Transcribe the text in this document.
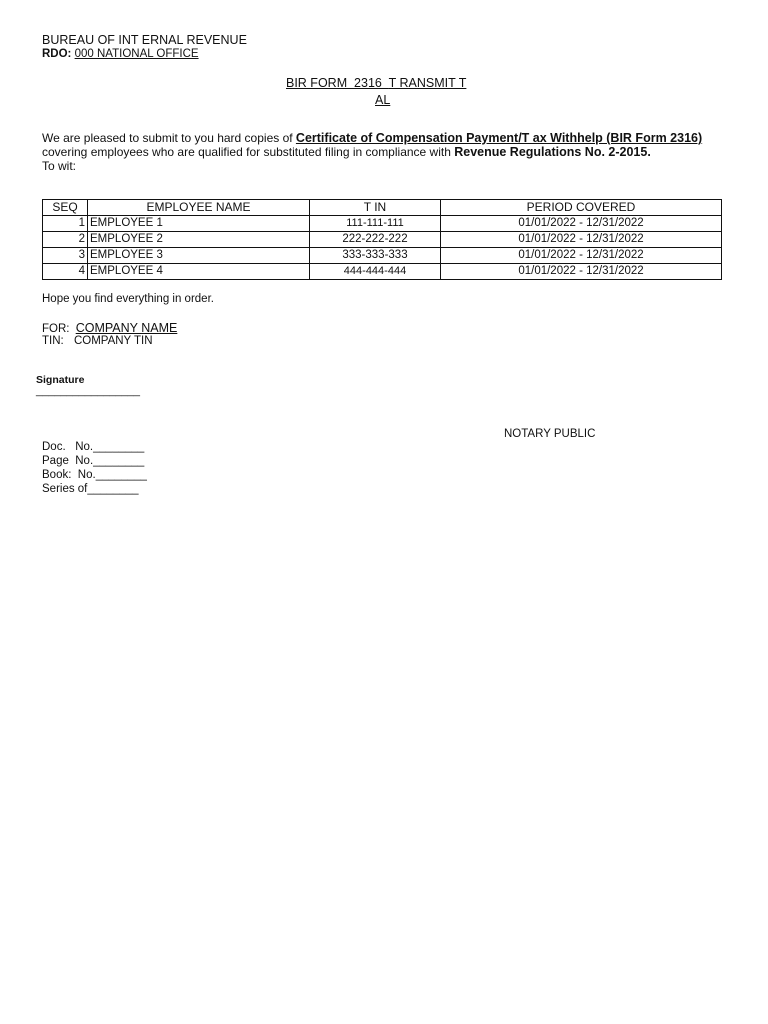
BUREAU OF INT ERNAL REVENUE
RDO: 000 NATIONAL OFFICE
BIR FORM  2316  T RANSMIT T
AL
We are pleased to submit to you hard copies of Certificate of Compensation Payment/T ax Withhelp (BIR Form 2316) covering employees who are qualified for substituted filing in compliance with Revenue Regulations No. 2-2015.
To wit:
SEQ	EMPLOYEE NAME	T IN	PERIOD COVERED
1	EMPLOYEE 1	111-111-111	01/01/2022 - 12/31/2022
2	EMPLOYEE 2	222-222-222	01/01/2022 - 12/31/2022
3	EMPLOYEE 3	333-333-333	01/01/2022 - 12/31/2022
4	EMPLOYEE 4	444-444-444	01/01/2022 - 12/31/2022
Hope you find everything in order.
FOR: COMPANY NAME
TIN: COMPANY TIN
Signature
_________________
NOTARY PUBLIC
Doc.   No.________
Page  No.________
Book:  No.________
Series of________
